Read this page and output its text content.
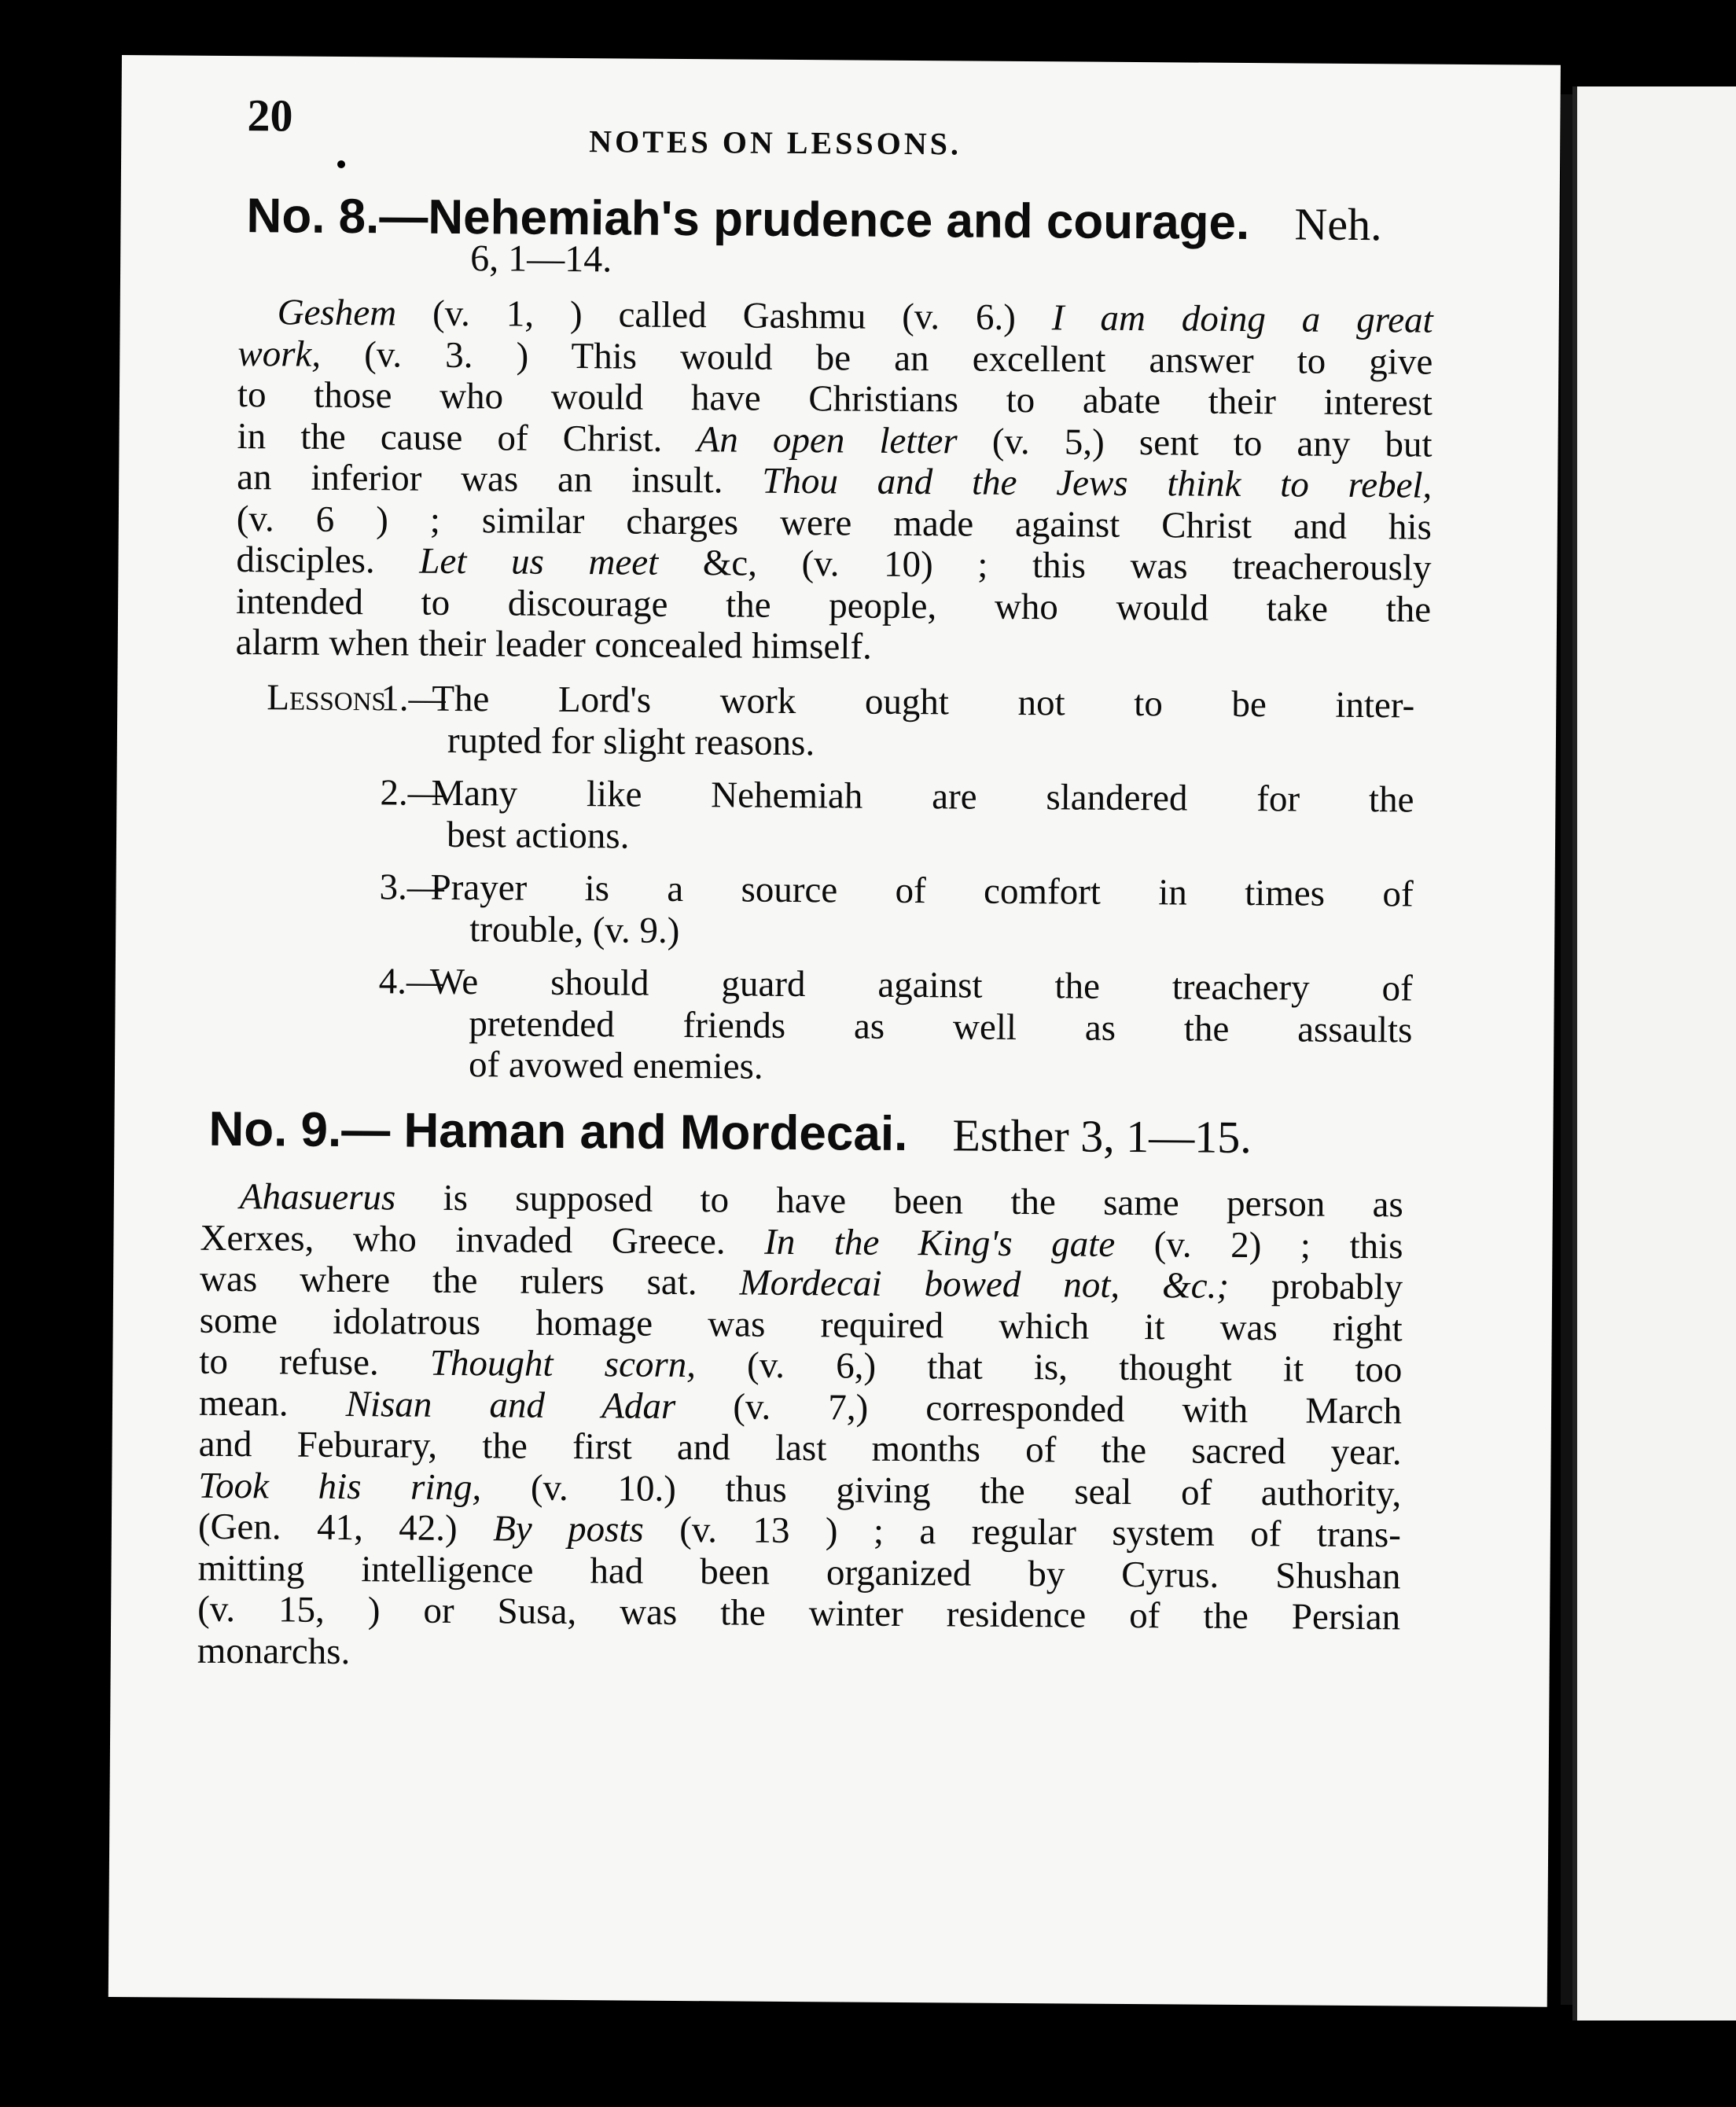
20
NOTES ON LESSONS.
No. 8.—Nehemiah's prudence and courage. Neh.
6, 1—14.
Geshem (v. 1, ) called Gashmu (v. 6.) I am doing a great
work, (v. 3. ) This would be an excellent answer to give
to those who would have Christians to abate their interest
in the cause of Christ. An open letter (v. 5,) sent to any but
an inferior was an insult. Thou and the Jews think to rebel,
(v. 6 ) ; similar charges were made against Christ and his
disciples. Let us meet &c, (v. 10) ; this was treacherously
intended to discourage the people, who would take the
alarm when their leader concealed himself.
Lessons
1.—
The Lord's work ought not to be inter-
rupted for slight reasons.
2.—
Many like Nehemiah are slandered for the
best actions.
3.—
Prayer is a source of comfort in times of
trouble, (v. 9.)
4.—
We should guard against the treachery of
pretended friends as well as the assaults
of avowed enemies.
No. 9.— Haman and Mordecai. Esther 3, 1—15.
Ahasuerus is supposed to have been the same person as
Xerxes, who invaded Greece. In the King's gate (v. 2) ; this
was where the rulers sat. Mordecai bowed not, &c.; probably
some idolatrous homage was required which it was right
to refuse. Thought scorn, (v. 6,) that is, thought it too
mean. Nisan and Adar (v. 7,) corresponded with March
and Feburary, the first and last months of the sacred year.
Took his ring, (v. 10.) thus giving the seal of authority,
(Gen. 41, 42.) By posts (v. 13 ) ; a regular system of trans-
mitting intelligence had been organized by Cyrus. Shushan
(v. 15, ) or Susa, was the winter residence of the Persian
monarchs.
